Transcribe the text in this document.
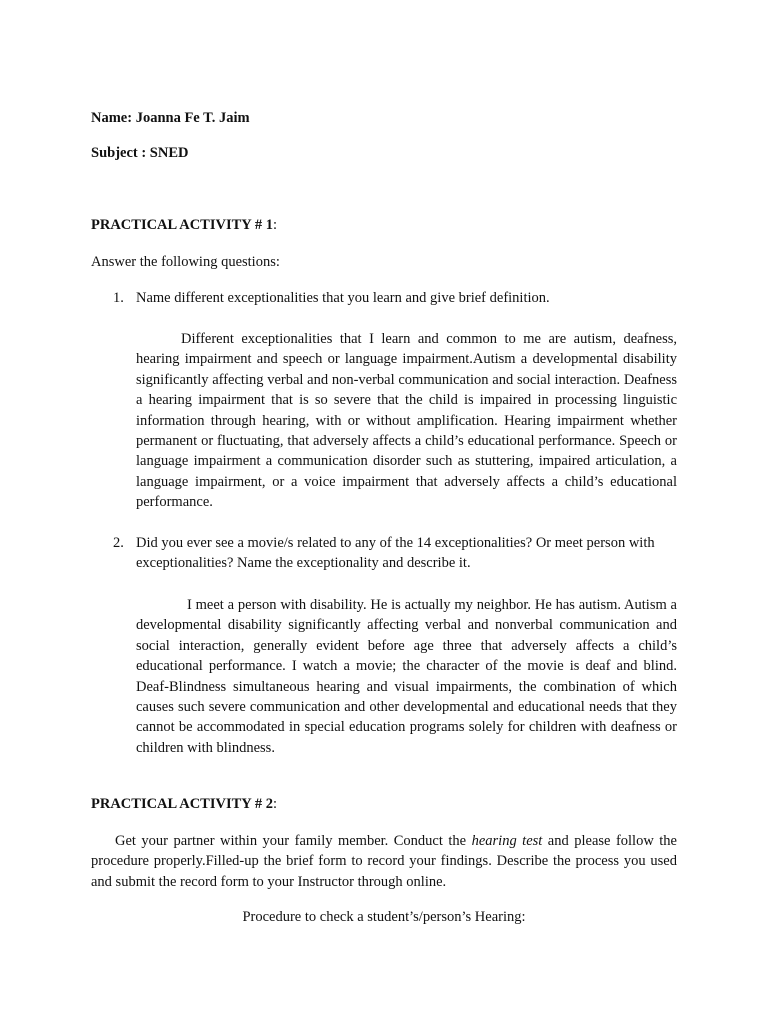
Name: Joanna Fe T. Jaim
Subject : SNED
PRACTICAL ACTIVITY # 1:
Answer the following questions:
1. Name different exceptionalities that you learn and give brief definition.
Different exceptionalities that I learn and common to me are autism, deafness, hearing impairment and speech or language impairment.Autism a developmental disability significantly affecting verbal and non-verbal communication and social interaction. Deafness a hearing impairment that is so severe that the child is impaired in processing linguistic information through hearing, with or without amplification. Hearing impairment whether permanent or fluctuating, that adversely affects a child’s educational performance. Speech or language impairment a communication disorder such as stuttering, impaired articulation, a language impairment, or a voice impairment that adversely affects a child’s educational performance.
2. Did you ever see a movie/s related to any of the 14 exceptionalities? Or meet person with exceptionalities? Name the exceptionality and describe it.
I meet a person with disability. He is actually my neighbor. He has autism. Autism a developmental disability significantly affecting verbal and nonverbal communication and social interaction, generally evident before age three that adversely affects a child’s educational performance. I watch a movie; the character of the movie is deaf and blind. Deaf-Blindness simultaneous hearing and visual impairments, the combination of which causes such severe communication and other developmental and educational needs that they cannot be accommodated in special education programs solely for children with deafness or children with blindness.
PRACTICAL ACTIVITY # 2:
Get your partner within your family member. Conduct the hearing test and please follow the procedure properly.Filled-up the brief form to record your findings. Describe the process you used and submit the record form to your Instructor through online.
Procedure to check a student’s/person’s Hearing:
